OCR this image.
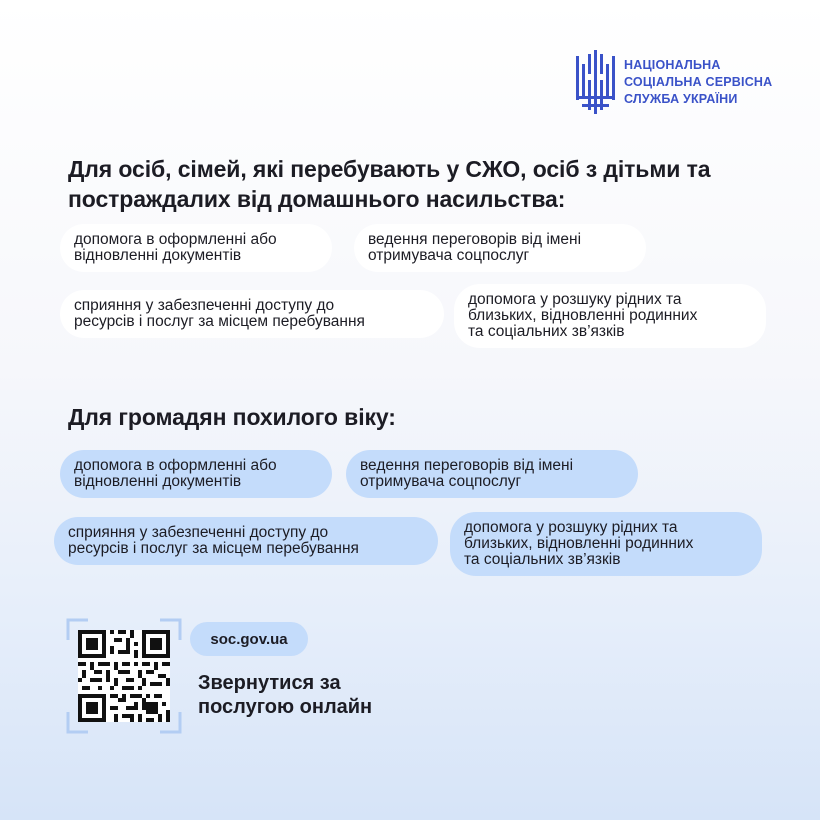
НАЦІОНАЛЬНА
СОЦІАЛЬНА СЕРВІСНА
СЛУЖБА УКРАЇНИ
Для осіб, сімей, які перебувають у СЖО, осіб з дітьми та постраждалих від домашнього насильства:
допомога в оформленні або
відновленні документів
ведення переговорів від імені
отримувача соцпослуг
сприяння у забезпеченні доступу до
ресурсів і послуг за місцем перебування
допомога у розшуку рідних та
близьких, відновленні родинних
та соціальних зв’язків
Для громадян похилого віку:
допомога в оформленні або
відновленні документів
ведення переговорів від імені
отримувача соцпослуг
сприяння у забезпеченні доступу до
ресурсів і послуг за місцем перебування
допомога у розшуку рідних та
близьких, відновленні родинних
та соціальних зв’язків
soc.gov.ua
Звернутися за
послугою онлайн
